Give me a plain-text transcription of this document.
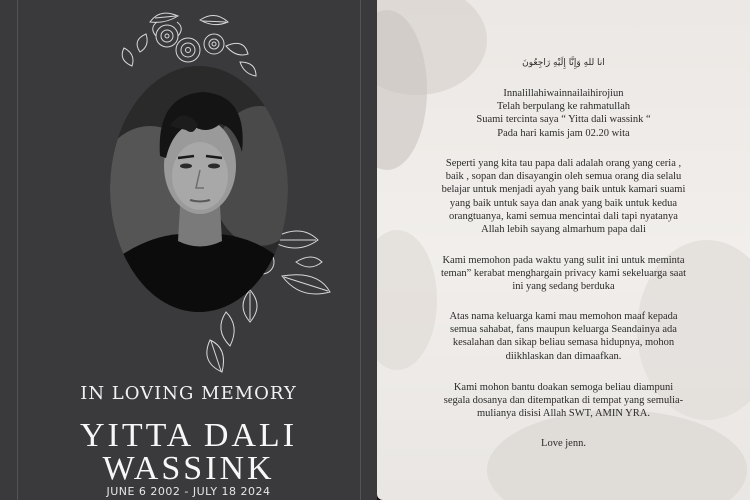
IN LOVING MEMORY
YITTA DALI
WASSINK
JUNE 6 2002 - JULY 18 2024
انا للهِ وَإِنَّا إِلَيْهِ رَاجِعُونَ
Innalillahiwainnailaihirojiun
Telah berpulang ke rahmatullah
Suami tercinta saya “ Yitta dali wassink “
Pada hari kamis jam 02.20 wita
Seperti yang kita tau papa dali adalah orang yang ceria ,
baik , sopan dan disayangin oleh semua orang dia selalu
belajar untuk menjadi ayah yang baik untuk kamari suami
yang baik untuk saya dan anak yang baik untuk kedua
orangtuanya, kami semua mencintai dali tapi nyatanya
Allah lebih sayang almarhum papa dali
Kami memohon pada waktu yang sulit ini untuk meminta
teman” kerabat menghargain privacy kami sekeluarga saat
ini yang sedang berduka
Atas nama keluarga kami mau memohon maaf kepada
semua sahabat, fans maupun keluarga Seandainya ada
kesalahan dan sikap beliau semasa hidupnya, mohon
diikhlaskan dan dimaafkan.
Kami mohon bantu doakan semoga beliau diampuni
segala dosanya dan ditempatkan di tempat yang semulia-
mulianya disisi Allah SWT, AMIN YRA.
Love jenn.
